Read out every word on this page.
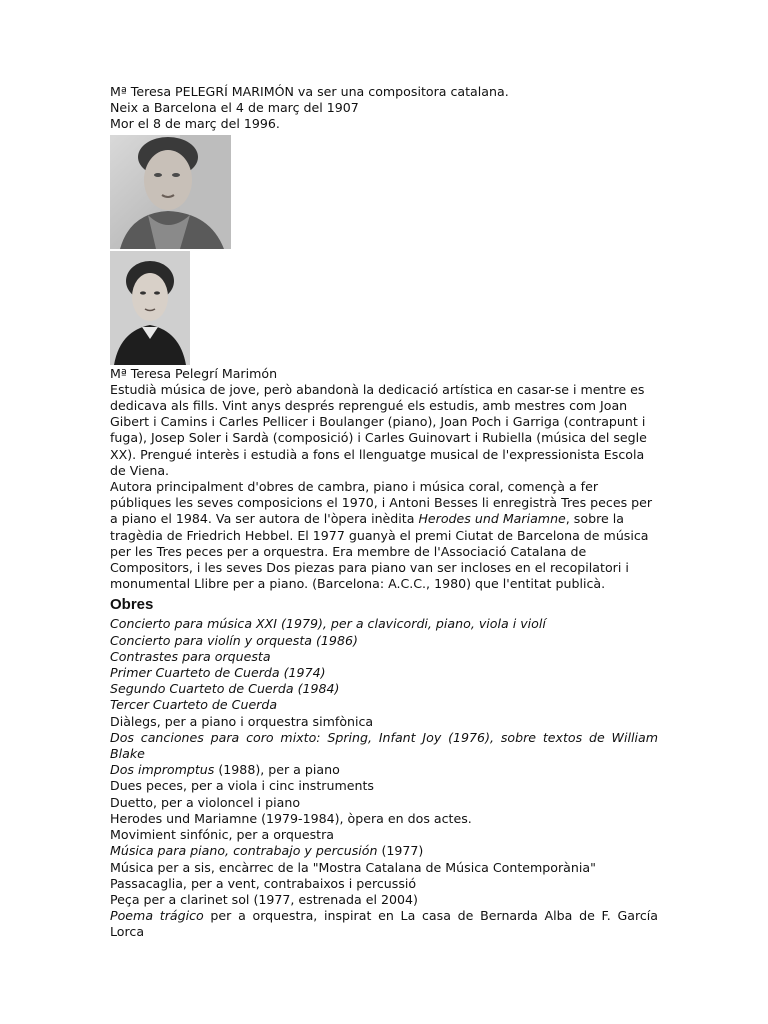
Mª Teresa PELEGRÍ MARIMÓN va ser una compositora catalana.
Neix a Barcelona el 4 de març del 1907
Mor el 8 de març del 1996.
Mª Teresa Pelegrí Marimón

Estudià música de jove, però abandonà la dedicació artística en casar-se i mentre es dedicava als fills. Vint anys després reprengué els estudis, amb mestres com Joan Gibert i Camins i Carles Pellicer i Boulanger (piano), Joan Poch i Garriga (contrapunt i fuga), Josep Soler i Sardà (composició) i Carles Guinovart i Rubiella (música del segle XX). Prengué interès i estudià a fons el llenguatge musical de l'expressionista Escola de Viena.

Autora principalment d'obres de cambra, piano i música coral, començà a fer públiques les seves composicions el 1970, i Antoni Besses li enregistrà Tres peces per a piano el 1984. Va ser autora de l'òpera inèdita Herodes und Mariamne, sobre la tragèdia de Friedrich Hebbel. El 1977 guanyà el premi Ciutat de Barcelona de música per les Tres peces per a orquestra. Era membre de l'Associació Catalana de Compositors, i les seves Dos piezas para piano van ser incloses en el recopilatori i monumental Llibre per a piano. (Barcelona: A.C.C., 1980) que l'entitat publicà.

Obres
Concierto para música XXI (1979), per a clavicordi, piano, viola i violí
Concierto para violín y orquesta (1986)
Contrastes para orquesta
Primer Cuarteto de Cuerda (1974)
Segundo Cuarteto de Cuerda (1984)
Tercer Cuarteto de Cuerda
Diàlegs, per a piano i orquestra simfònica
Dos canciones para coro mixto: Spring, Infant Joy (1976), sobre textos de William Blake
Dos impromptus (1988), per a piano
Dues peces, per a viola i cinc instruments
Duetto, per a violoncel i piano
Herodes und Mariamne (1979-1984), òpera en dos actes.
Movimient sinfónic, per a orquestra
Música para piano, contrabajo y percusión (1977)
Música per a sis, encàrrec de la "Mostra Catalana de Música Contemporània"
Passacaglia, per a vent, contrabaixos i percussió
Peça per a clarinet sol (1977, estrenada el 2004)
Poema trágico per a orquestra, inspirat en La casa de Bernarda Alba de F. García Lorca
